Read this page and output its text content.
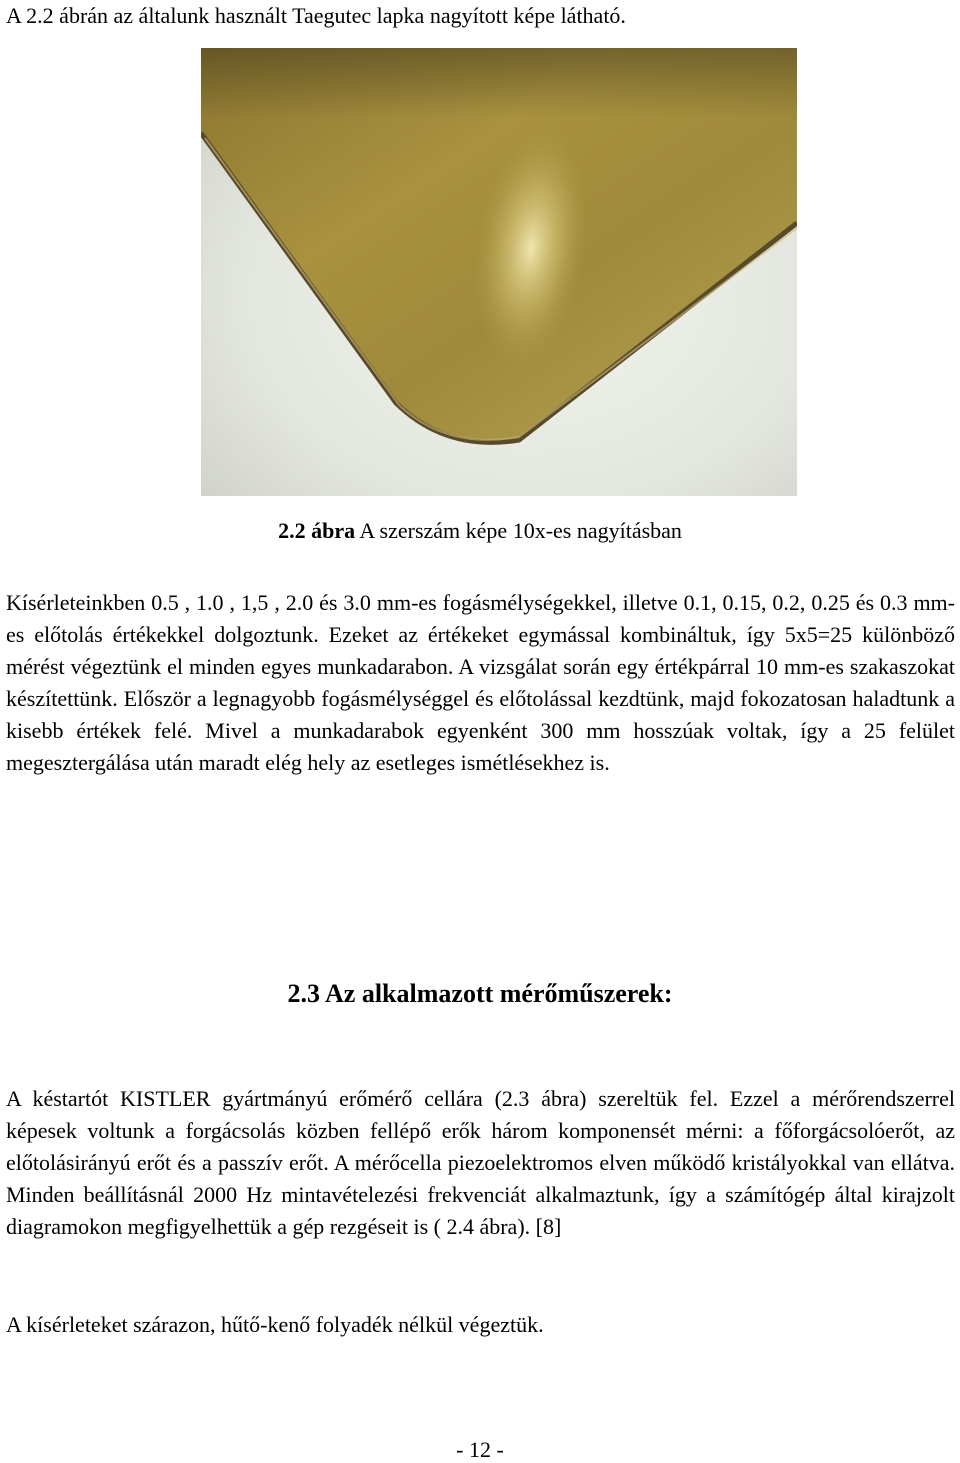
A 2.2 ábrán az általunk használt Taegutec lapka nagyított képe látható.
2.2 ábra A szerszám képe 10x-es nagyításban

Kísérleteinkben 0.5 , 1.0 , 1,5 , 2.0 és 3.0 mm-es fogásmélységekkel, illetve 0.1, 0.15, 0.2, 0.25 és 0.3 mm-es előtolás értékekkel dolgoztunk. Ezeket az értékeket egymással kombináltuk, így 5x5=25 különböző mérést végeztünk el minden egyes munkadarabon. A vizsgálat során egy értékpárral 10 mm-es szakaszokat készítettünk. Először a legnagyobb fogásmélységgel és előtolással kezdtünk, majd fokozatosan haladtunk a kisebb értékek felé. Mivel a munkadarabok egyenként 300 mm hosszúak voltak, így a 25 felület megesztergálása után maradt elég hely az esetleges ismétlésekhez is.

2.3 Az alkalmazott mérőműszerek:

A késtartót KISTLER gyártmányú erőmérő cellára (2.3 ábra) szereltük fel. Ezzel a mérőrendszerrel képesek voltunk a forgácsolás közben fellépő erők három komponensét mérni: a főforgácsolóerőt, az előtolásirányú erőt és a passzív erőt. A mérőcella piezoelektromos elven működő kristályokkal van ellátva. Minden beállításnál 2000 Hz mintavételezési frekvenciát alkalmaztunk, így a számítógép által kirajzolt diagramokon megfigyelhettük a gép rezgéseit is ( 2.4 ábra). [8]

A kísérleteket szárazon, hűtő-kenő folyadék nélkül végeztük.

- 12 -
